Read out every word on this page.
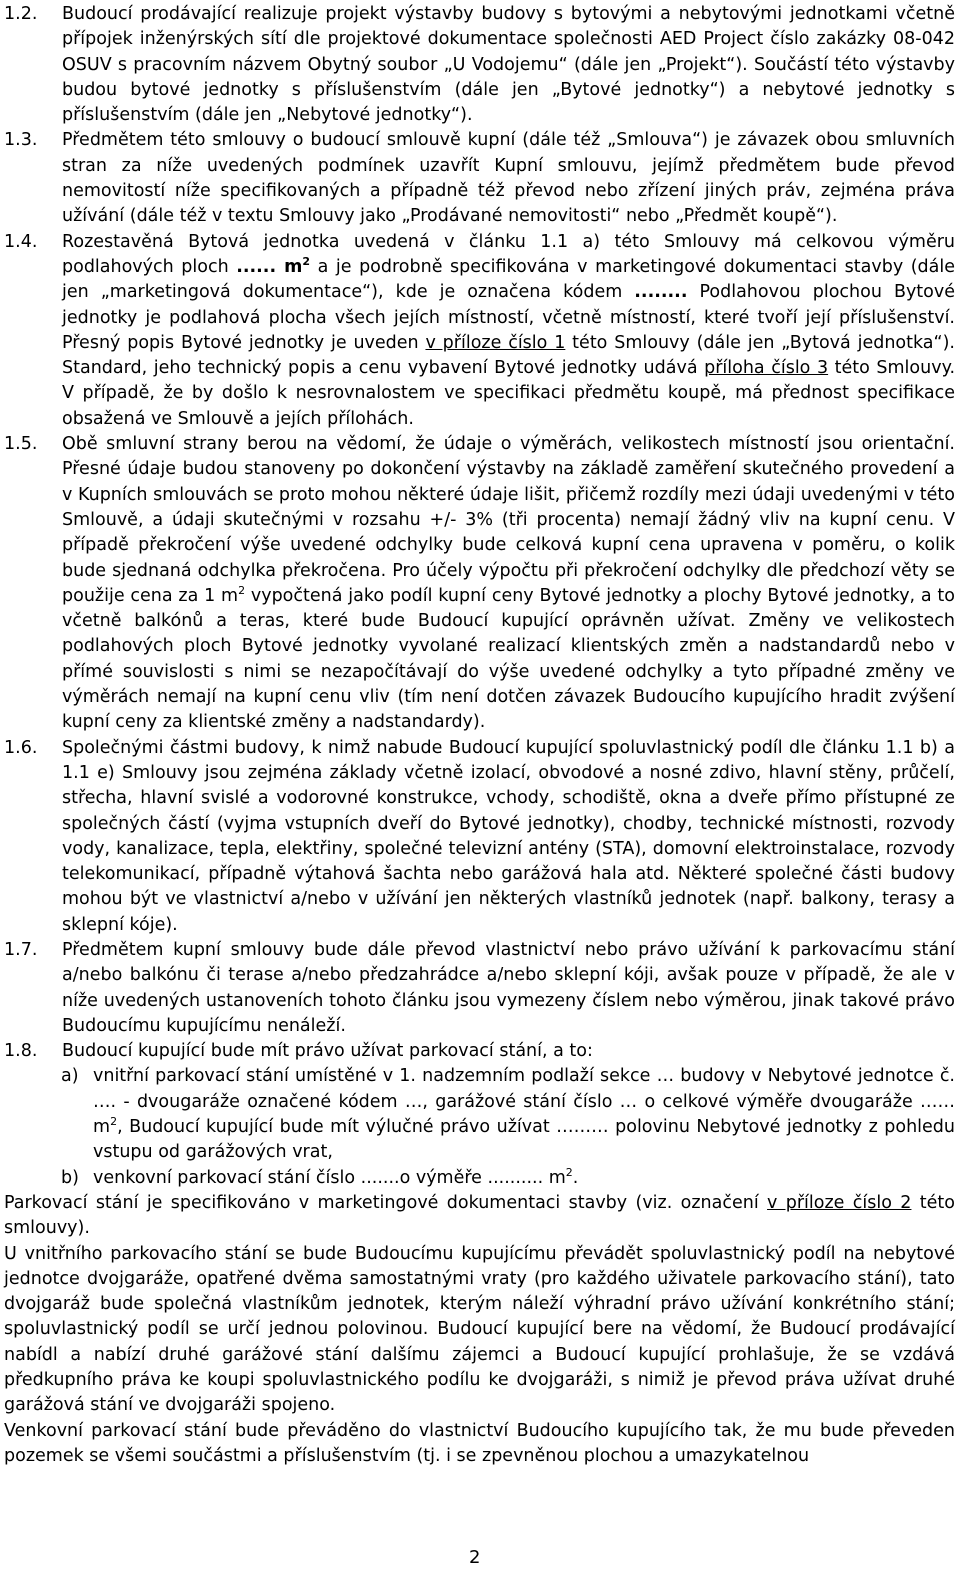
1.2.	Budoucí prodávající realizuje projekt výstavby budovy s bytovými a nebytovými jednotkami včetně přípojek inženýrských sítí dle projektové dokumentace společnosti AED Project číslo zakázky 08-042 OSUV s pracovním názvem Obytný soubor „U Vodojemu“ (dále jen „Projekt“). Součástí této výstavby budou bytové jednotky s příslušenstvím (dále jen „Bytové jednotky“) a nebytové jednotky s příslušenstvím (dále jen „Nebytové jednotky“).
1.3.	Předmětem této smlouvy o budoucí smlouvě kupní (dále též „Smlouva“) je závazek obou smluvních stran za níže uvedených podmínek uzavřít Kupní smlouvu, jejímž předmětem bude převod nemovitostí níže specifikovaných a případně též převod nebo zřízení jiných práv, zejména práva užívání (dále též v textu Smlouvy jako „Prodávané nemovitosti“ nebo „Předmět koupě“).
1.4.	Rozestavěná Bytová jednotka uvedená v článku 1.1 a) této Smlouvy má celkovou výměru podlahových ploch ...... $m^2$ a je podrobně specifikována v marketingové dokumentaci stavby (dále jen „marketingová dokumentace“), kde je označena kódem ........ Podlahovou plochou Bytové jednotky je podlahová plocha všech jejích místností, včetně místností, které tvoří její příslušenství. Přesný popis Bytové jednotky je uveden v příloze číslo 1 této Smlouvy (dále jen „Bytová jednotka“). Standard, jeho technický popis a cenu vybavení Bytové jednotky udává příloha číslo 3 této Smlouvy. V případě, že by došlo k nesrovnalostem ve specifikaci předmětu koupě, má přednost specifikace obsažená ve Smlouvě a jejích přílohách.
1.5.	Obě smluvní strany berou na vědomí, že údaje o výměrách, velikostech místností jsou orientační. Přesné údaje budou stanoveny po dokončení výstavby na základě zaměření skutečného provedení a v Kupních smlouvách se proto mohou některé údaje lišit, přičemž rozdíly mezi údaji uvedenými v této Smlouvě, a údaji skutečnými v rozsahu +/- 3% (tři procenta) nemají žádný vliv na kupní cenu. V případě překročení výše uvedené odchylky bude celková kupní cena upravena v poměru, o kolik bude sjednaná odchylka překročena. Pro účely výpočtu při překročení odchylky dle předchozí věty se použije cena za 1 $m^2$ vypočtená jako podíl kupní ceny Bytové jednotky a plochy Bytové jednotky, a to včetně balkónů a teras, které bude Budoucí kupující oprávněn užívat. Změny ve velikostech podlahových ploch Bytové jednotky vyvolané realizací klientských změn a nadstandardů nebo v přímé souvislosti s nimi se nezapočítávají do výše uvedené odchylky a tyto případné změny ve výměrách nemají na kupní cenu vliv (tím není dotčen závazek Budoucího kupujícího hradit zvýšení kupní ceny za klientské změny a nadstandardy).
1.6.	Společnými částmi budovy, k nimž nabude Budoucí kupující spoluvlastnický podíl dle článku 1.1 b) a 1.1 e) Smlouvy jsou zejména základy včetně izolací, obvodové a nosné zdivo, hlavní stěny, průčelí, střecha, hlavní svislé a vodorovné konstrukce, vchody, schodiště, okna a dveře přímo přístupné ze společných částí (vyjma vstupních dveří do Bytové jednotky), chodby, technické místnosti, rozvody vody, kanalizace, tepla, elektřiny, společné televizní antény (STA), domovní elektroinstalace, rozvody telekomunikací, případně výtahová šachta nebo garážová hala atd. Některé společné části budovy mohou být ve vlastnictví a/nebo v užívání jen některých vlastníků jednotek (např. balkony, terasy a sklepní kóje).
1.7.	Předmětem kupní smlouvy bude dále převod vlastnictví nebo právo užívání k parkovacímu stání a/nebo balkónu či terase a/nebo předzahrádce a/nebo sklepní kóji, avšak pouze v případě, že ale v níže uvedených ustanoveních tohoto článku jsou vymezeny číslem nebo výměrou, jinak takové právo Budoucímu kupujícímu nenáleží.
1.8.	Budoucí kupující bude mít právo užívat parkovací stání, a to:
a) vnitřní parkovací stání umístěné v 1. nadzemním podlaží sekce … budovy v Nebytové jednotce č. …. - dvougaráže označené kódem …, garážové stání číslo … o celkové výměře dvougaráže …… $m^2$, Budoucí kupující bude mít výlučné právo užívat ……… polovinu Nebytové jednotky z pohledu vstupu od garážových vrat,
b) venkovní parkovací stání číslo .......o výměře .......... $m^2$.

Parkovací stání je specifikováno v marketingové dokumentaci stavby (viz. označení v příloze číslo 2 této smlouvy).

U vnitřního parkovacího stání se bude Budoucímu kupujícímu převádět spoluvlastnický podíl na nebytové jednotce dvojgaráže, opatřené dvěma samostatnými vraty (pro každého uživatele parkovacího stání), tato dvojgaráž bude společná vlastníkům jednotek, kterým náleží výhradní právo užívání konkrétního stání; spoluvlastnický podíl se určí jednou polovinou. Budoucí kupující bere na vědomí, že Budoucí prodávající nabídl a nabízí druhé garážové stání dalšímu zájemci a Budoucí kupující prohlašuje, že se vzdává předkupního práva ke koupi spoluvlastnického podílu ke dvojgaráži, s nimiž je převod práva užívat druhé garážová stání ve dvojgaráži spojeno.

Venkovní parkovací stání bude převáděno do vlastnictví Budoucího kupujícího tak, že mu bude převeden pozemek se všemi součástmi a příslušenstvím (tj. i se zpevněnou plochou a umazykatelnou

2
